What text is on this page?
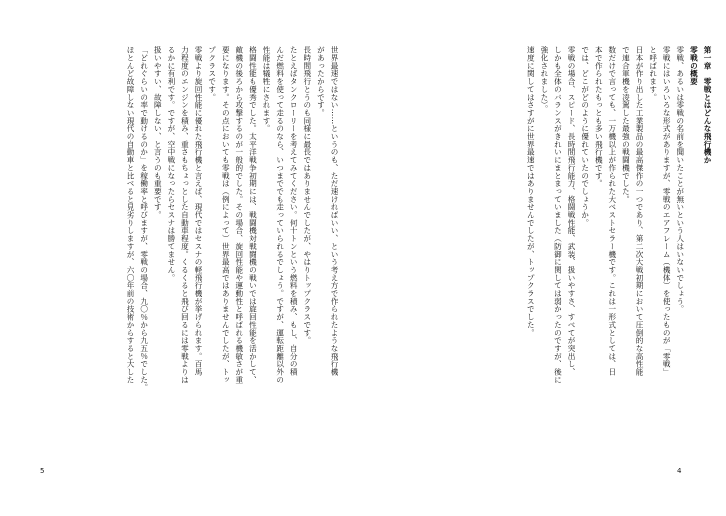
第一章　零戦とはどんな飛行機か

零戦の概要

零戦、あるいは零戦の名前を聞いたことが無いという人はいないでしょう。

零戦にはいろいろな形式がありますが、零戦のエアフレーム（機体）を使ったものが「零戦」

と呼ばれます。

日本が作り出した工業製品の最高傑作の一つであり、第二次大戦初期において圧倒的な高性能

で連合軍機を凌駕した最強の戦闘機でした。

数だけで言っても、一万機以上が作られた大ベストセラー機です。これは一形式としては、日

本で作られたもっとも多い飛行機です。

では、どこがどのように優れていたのでしょうか。

零戦の場合、スピード、長時間飛行能力、格闘戦性能、武装、扱いやすさ、すべてが突出し、

しかも全体のバランスがきれいにまとまっていました（防御に関しては弱かったのですが、後に

強化されました）。

速度に関してはさすがに世界最速ではありませんでしたが、トップクラスでした。

4

世界最速ではない……というのも、ただ速ければいい、という考え方で作られたような飛行機

があったからです。

長時間飛行とうのも同様に最長ではありませんでしたが、やはりトップクラスです。

たとえばタンクローリーを考えてみてください。何十トンという燃料を積み、もし、自分の積

んだ燃料を使って走るのなら、いつまででも走っていられるでしょう。ですが、運転距離以外の

性能は犠牲にされます。

格闘性能も優秀でした。太平洋戦争初期には、戦闘機対戦闘機の戦いでは旋回性能を活かして、

敵機の後ろから攻撃するのが一般的でした。その場合、旋回性能や運動性と呼ばれる機敏さが重

要になります。その点においても零戦は（例によって）世界最高ではありませんでしたが、トッ

プクラスです。

零戦より旋回性能に優れた飛行機と言えば、現代ではセスナの軽飛行機が挙げられます。百馬

力程度のエンジンを積み、重さもちょっとした自動車程度。くるくると飛び回るには零戦よりは

るかに有利です。ですが、空中戦になったらセスナは勝てません。

扱いやすい、故障しない、と言うのも重要です。

「どれぐらいの率で動けるのか」を稼働率と呼びますが、零戦の場合、九〇％から九五％でした。

ほとんど故障しない現代の自動車と比べると見劣りしますが、六〇年前の技術からすると大した

5
